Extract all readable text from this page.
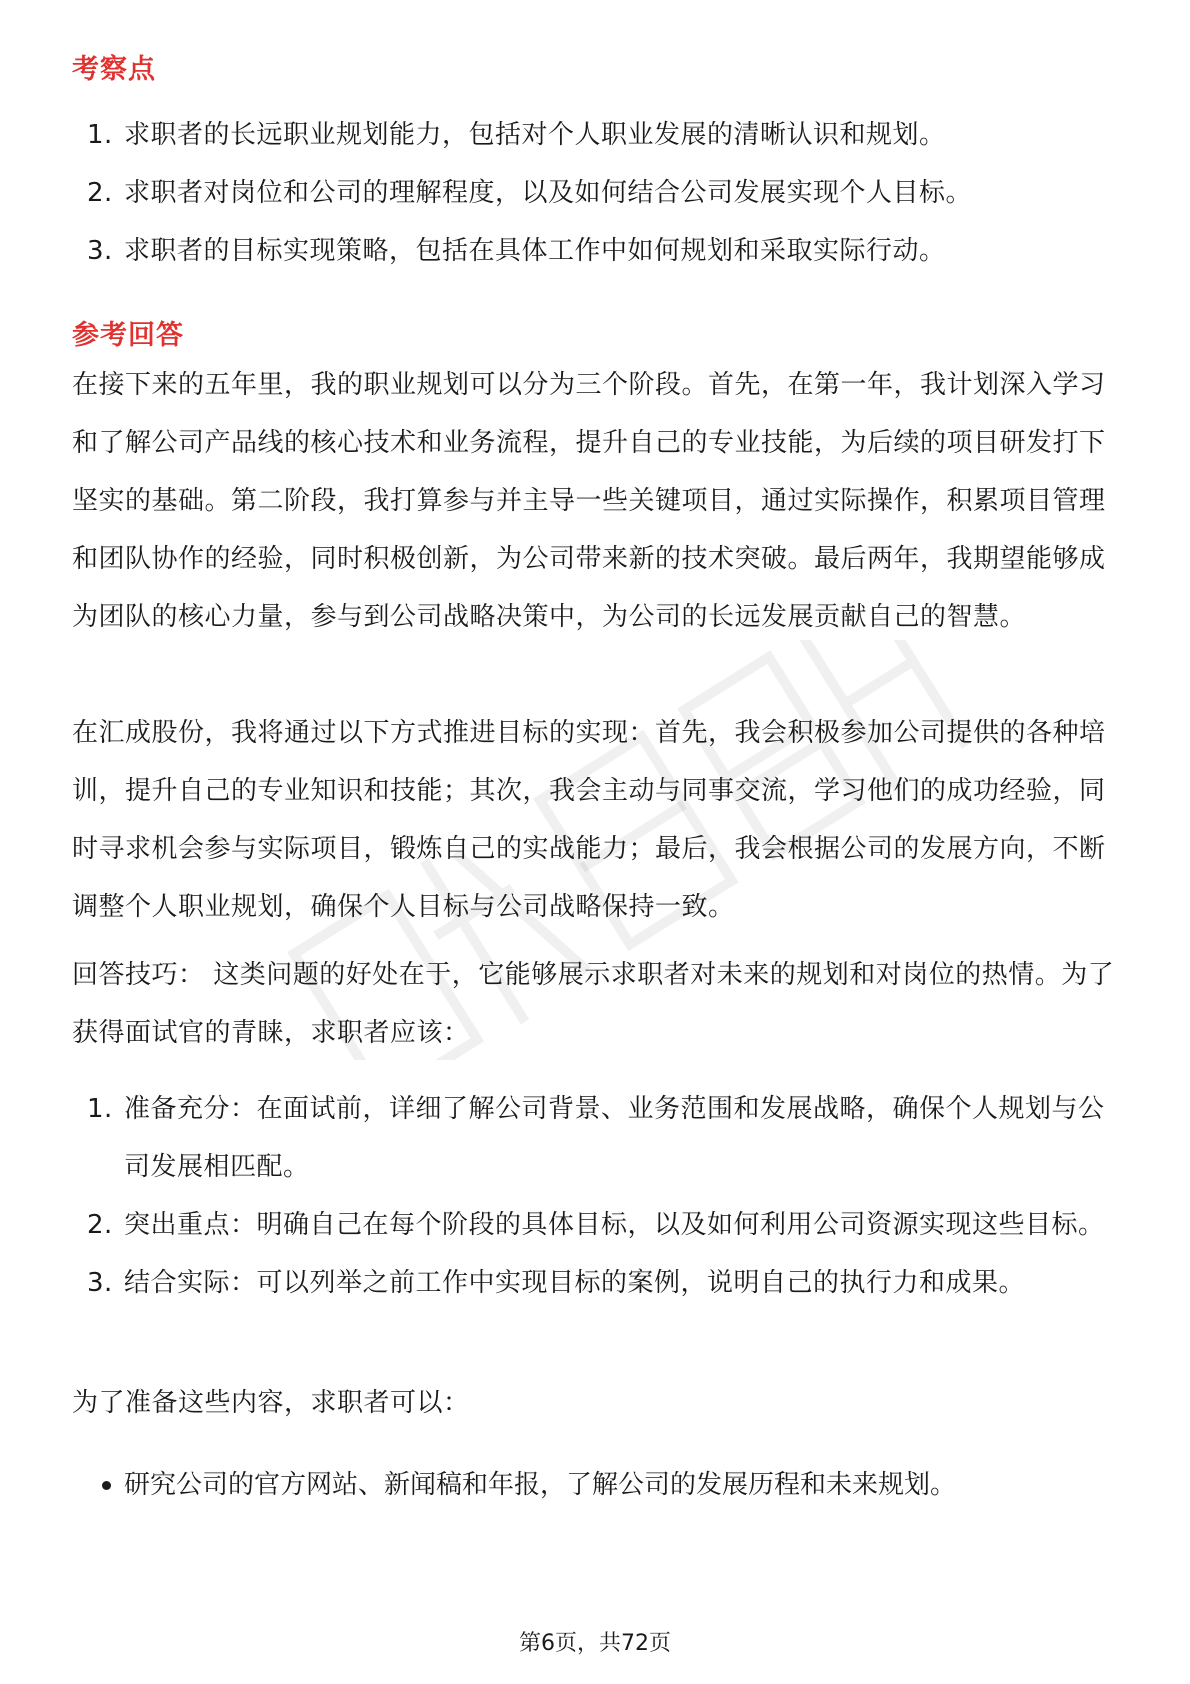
考察点
1. 求职者的长远职业规划能力，包括对个人职业发展的清晰认识和规划。
2. 求职者对岗位和公司的理解程度，以及如何结合公司发展实现个人目标。
3. 求职者的目标实现策略，包括在具体工作中如何规划和采取实际行动。
参考回答

在接下来的五年里，我的职业规划可以分为三个阶段。首先，在第一年，我计划深入学习和了解公司产品线的核心技术和业务流程，提升自己的专业技能，为后续的项目研发打下坚实的基础。第二阶段，我打算参与并主导一些关键项目，通过实际操作，积累项目管理和团队协作的经验，同时积极创新，为公司带来新的技术突破。最后两年，我期望能够成为团队的核心力量，参与到公司战略决策中，为公司的长远发展贡献自己的智慧。

在汇成股份，我将通过以下方式推进目标的实现：首先，我会积极参加公司提供的各种培训，提升自己的专业知识和技能；其次，我会主动与同事交流，学习他们的成功经验，同时寻求机会参与实际项目，锻炼自己的实战能力；最后，我会根据公司的发展方向，不断调整个人职业规划，确保个人目标与公司战略保持一致。

回答技巧： 这类问题的好处在于，它能够展示求职者对未来的规划和对岗位的热情。为了获得面试官的青睐，求职者应该：

1. 准备充分：在面试前，详细了解公司背景、业务范围和发展战略，确保个人规划与公司发展相匹配。
2. 突出重点：明确自己在每个阶段的具体目标，以及如何利用公司资源实现这些目标。
3. 结合实际：可以列举之前工作中实现目标的案例，说明自己的执行力和成果。

为了准备这些内容，求职者可以：

研究公司的官方网站、新闻稿和年报，了解公司的发展历程和未来规划。
第6页，共72页
